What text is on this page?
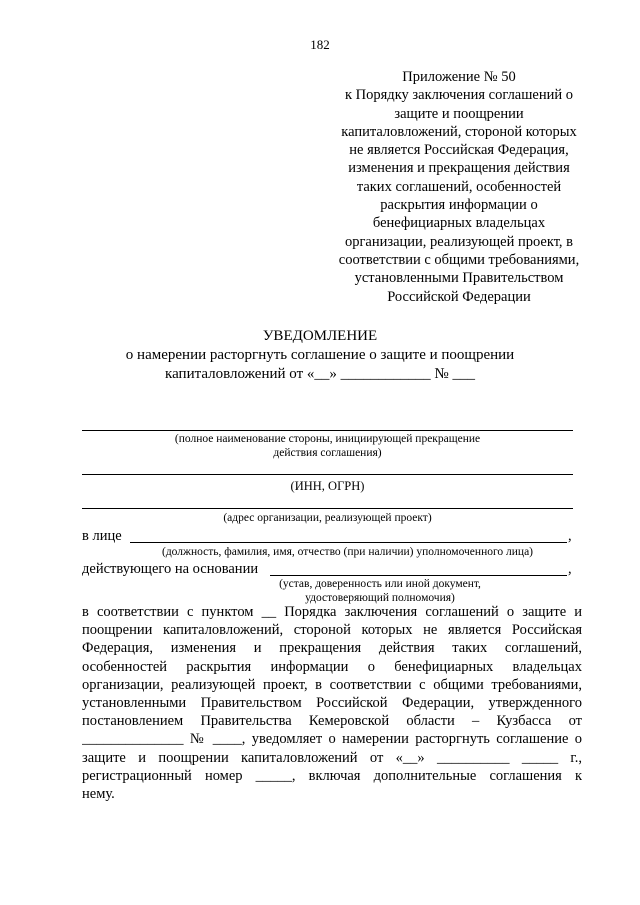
182
Приложение № 50
к Порядку заключения соглашений о
защите и поощрении
капиталовложений, стороной которых
не является Российская Федерация,
изменения и прекращения действия
таких соглашений, особенностей
раскрытия информации о
бенефициарных владельцах
организации, реализующей проект, в
соответствии с общими требованиями,
установленными Правительством
Российской Федерации
УВЕДОМЛЕНИЕ
о намерении расторгнуть соглашение о защите и поощрении
капиталовложений от «__» ____________ № ___
(полное наименование стороны, инициирующей прекращение
действия соглашения)
(ИНН, ОГРН)
(адрес организации, реализующей проект)
в лице	,
(должность, фамилия, имя, отчество (при наличии) уполномоченного лица)
действующего на основании	,
(устав, доверенность или иной документ,
удостоверяющий полномочия)
в соответствии с пунктом __ Порядка заключения соглашений о защите и
поощрении капиталовложений, стороной которых не является Российская
Федерация, изменения и прекращения действия таких соглашений,
особенностей раскрытия информации о бенефициарных владельцах
организации, реализующей проект, в соответствии с общими требованиями,
установленными Правительством Российской Федерации, утвержденного
постановлением Правительства Кемеровской области – Кузбасса от
______________ № ____, уведомляет о намерении расторгнуть соглашение о
защите и поощрении капиталовложений от «__» __________ _____ г.,
регистрационный номер _____, включая дополнительные соглашения к
нему.
